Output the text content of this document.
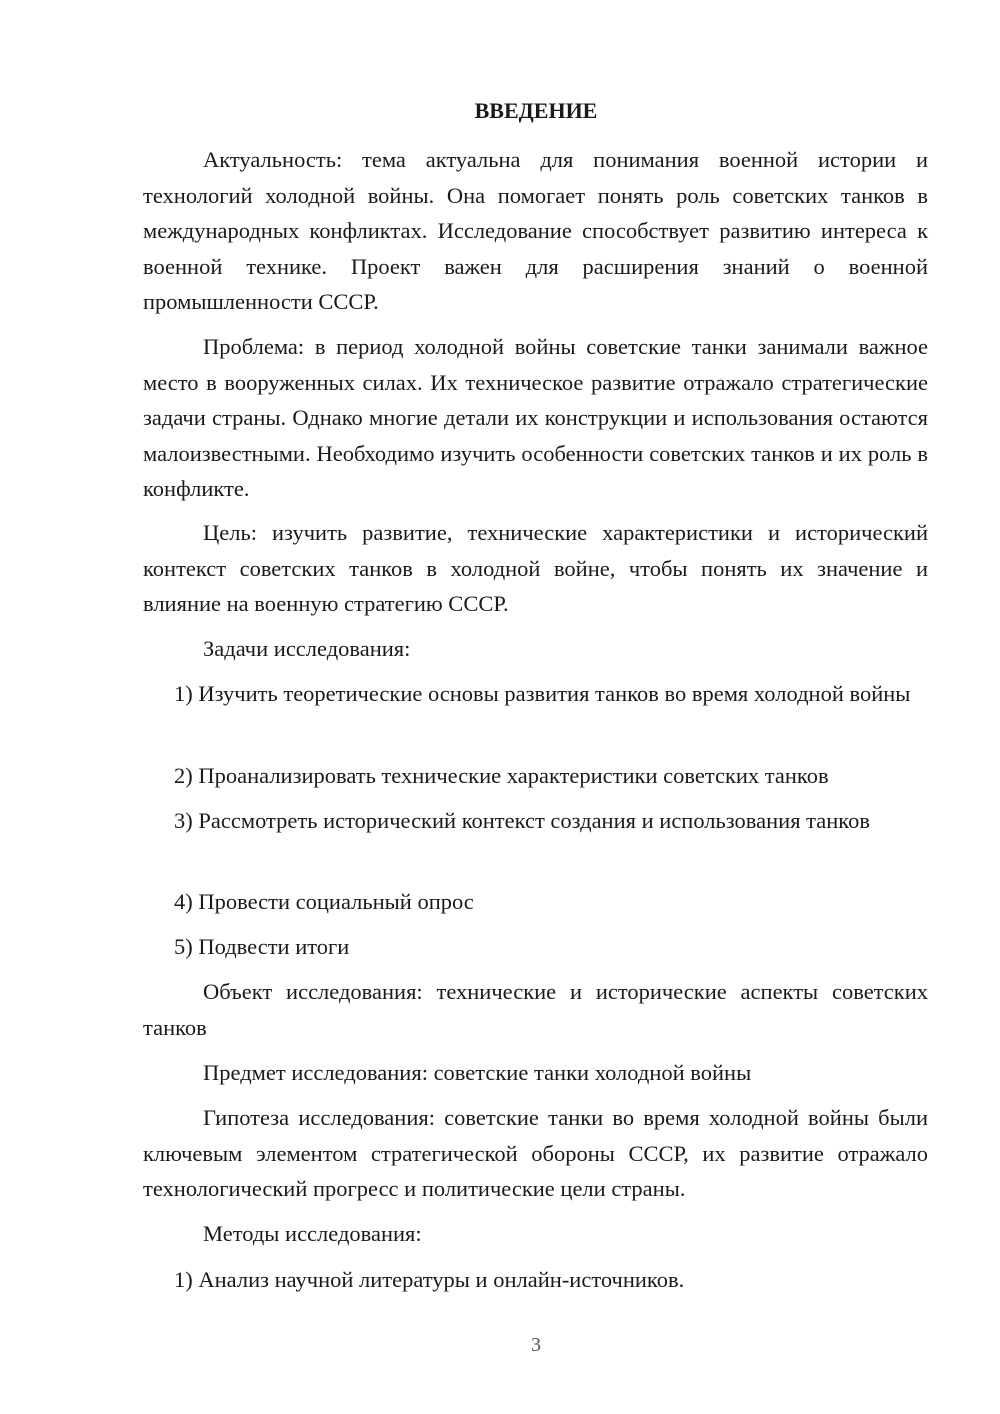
ВВЕДЕНИЕ

Актуальность: тема актуальна для понимания военной истории и технологий холодной войны. Она помогает понять роль советских танков в международных конфликтах. Исследование способствует развитию интереса к военной технике. Проект важен для расширения знаний о военной промышленности СССР.

Проблема: в период холодной войны советские танки занимали важное место в вооруженных силах. Их техническое развитие отражало стратегические задачи страны. Однако многие детали их конструкции и использования остаются малоизвестными. Необходимо изучить особенности советских танков и их роль в конфликте.

Цель: изучить развитие, технические характеристики и исторический контекст советских танков в холодной войне, чтобы понять их значение и влияние на военную стратегию СССР.

Задачи исследования:

1) Изучить теоретические основы развития танков во время холодной войны

2) Проанализировать технические характеристики советских танков

3) Рассмотреть исторический контекст создания и использования танков

4) Провести социальный опрос

5) Подвести итоги

Объект исследования: технические и исторические аспекты советских танков

Предмет исследования: советские танки холодной войны

Гипотеза исследования: советские танки во время холодной войны были ключевым элементом стратегической обороны СССР, их развитие отражало технологический прогресс и политические цели страны.

Методы исследования:

1) Анализ научной литературы и онлайн-источников.

3
